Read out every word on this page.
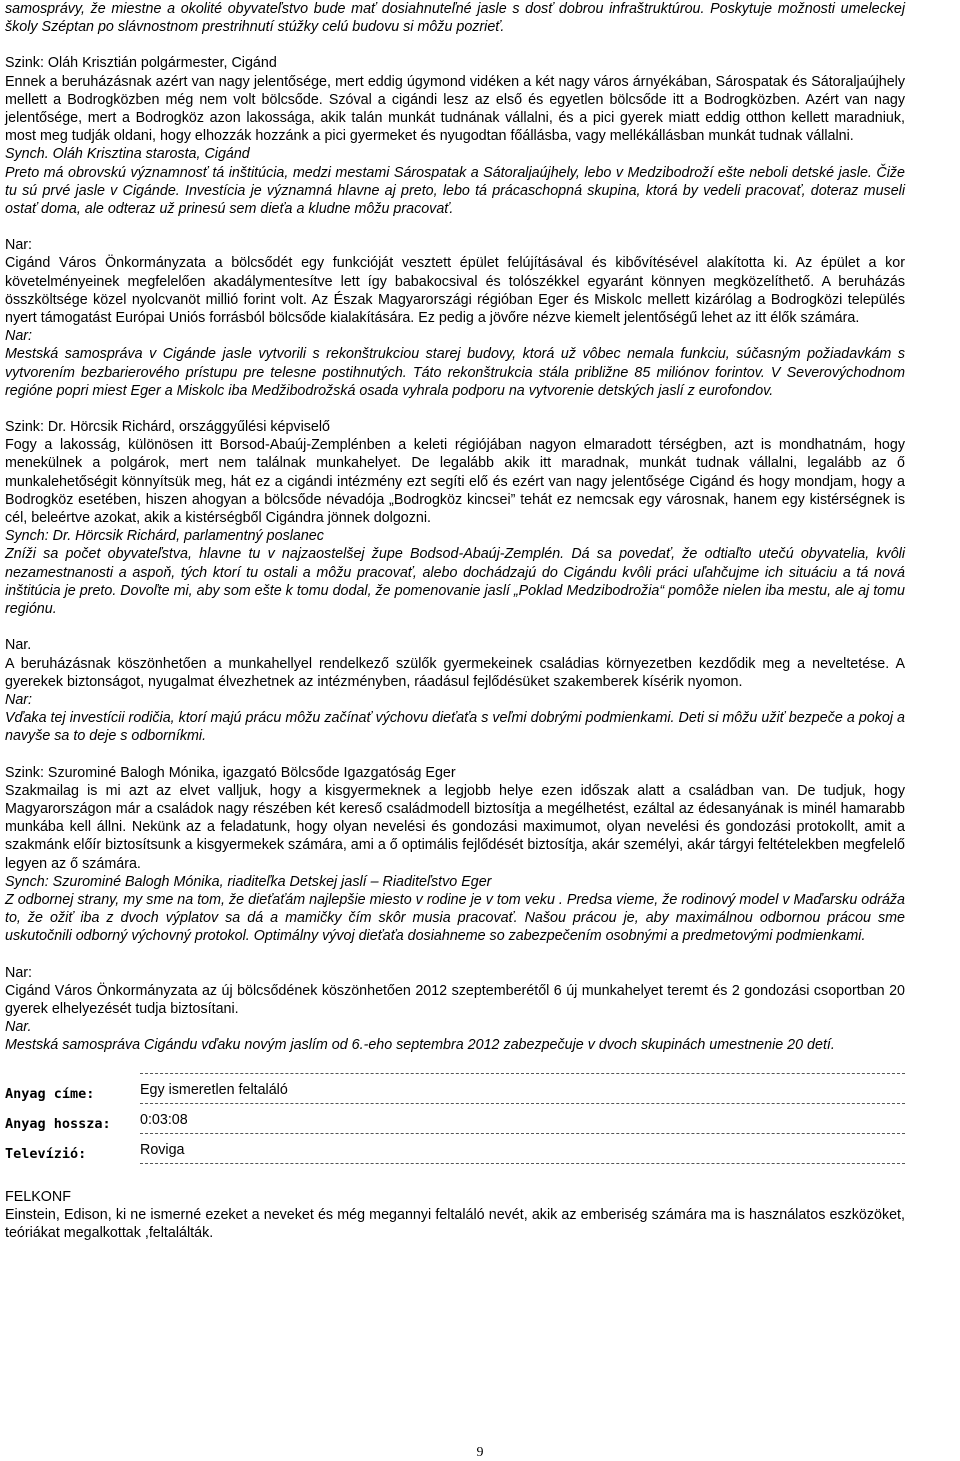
samosprávy, že miestne a okolité obyvateľstvo bude mať dosiahnuteľné jasle s dosť dobrou infraštruktúrou. Poskytuje možnosti umeleckej školy Széptan po slávnostnom prestrihnutí stúžky celú budovu si môžu pozrieť.

Szink: Oláh Krisztián polgármester, Cigánd

Ennek a beruházásnak azért van nagy jelentősége, mert eddig úgymond vidéken a két nagy város árnyékában, Sárospatak és Sátoraljaújhely mellett a Bodrogközben még nem volt bölcsőde. Szóval a cigándi lesz az első és egyetlen bölcsőde itt a Bodrogközben. Azért van nagy jelentősége, mert a Bodrogköz azon lakossága, akik talán munkát tudnának vállalni, és a pici gyerek miatt eddig otthon kellett maradniuk, most meg tudják oldani, hogy elhozzák hozzánk a pici gyermeket és nyugodtan főállásba, vagy mellékállásban munkát tudnak vállalni.

Synch. Oláh Krisztina starosta, Cigánd

Preto má obrovskú významnosť tá inštitúcia, medzi mestami Sárospatak a Sátoraljaújhely, lebo v Medzibodroží ešte neboli detské jasle. Čiže tu sú prvé jasle v Cigánde. Investícia je významná hlavne aj preto, lebo tá prácaschopná skupina, ktorá by vedeli pracovať, doteraz museli ostať doma, ale odteraz už prinesú sem dieťa a kludne môžu pracovať.

Nar:

Cigánd Város Önkormányzata a bölcsődét egy funkcióját vesztett épület felújításával és kibővítésével alakította ki. Az épület a kor követelményeinek megfelelően akadálymentesítve lett így babakocsival és tolószékkel egyaránt könnyen megközelíthető. A beruházás összköltsége közel nyolcvanöt millió forint volt. Az Észak Magyarországi régióban Eger és Miskolc mellett kizárólag a Bodrogközi település nyert támogatást Európai Uniós forrásból bölcsőde kialakítására. Ez pedig a jövőre nézve kiemelt jelentőségű lehet az itt élők számára.

Nar:

Mestská samospráva v Cigánde jasle vytvorili s rekonštrukciou starej budovy, ktorá už vôbec nemala funkciu, súčasným požiadavkám s vytvorením bezbarierového prístupu pre telesne postihnutých. Táto rekonštrukcia stála približne 85 miliónov forintov. V Severovýchodnom regióne popri miest Eger a Miskolc iba Medžibodrožská osada vyhrala podporu na vytvorenie detských jaslí z eurofondov.

Szink: Dr. Hörcsik Richárd, országgyűlési képviselő

Fogy a lakosság, különösen itt Borsod-Abaúj-Zemplénben a keleti régiójában nagyon elmaradott térségben, azt is mondhatnám, hogy menekülnek a polgárok, mert nem találnak munkahelyet. De legalább akik itt maradnak, munkát tudnak vállalni, legalább az ő munkalehetőségit könnyítsük meg, hát ez a cigándi intézmény ezt segíti elő és ezért van nagy jelentősége Cigánd és hogy mondjam, hogy a Bodrogköz esetében, hiszen ahogyan a bölcsőde névadója „Bodrogköz kincsei” tehát ez nemcsak egy városnak, hanem egy kistérségnek is cél, beleértve azokat, akik a kistérségből Cigándra jönnek dolgozni.

Synch: Dr. Hörcsik Richárd, parlamentný poslanec

Zníži sa počet obyvateľstva, hlavne tu v najzaostelšej župe Bodsod-Abaúj-Zemplén. Dá sa povedať, že odtiaľto utečú obyvatelia, kvôli nezamestnanosti a aspoň, tých ktorí tu ostali a môžu pracovať, alebo dochádzajú do Cigándu kvôli práci uľahčujme ich situáciu a tá nová inštitúcia je preto. Dovoľte mi, aby som ešte k tomu dodal, že pomenovanie jaslí „Poklad Medzibodrožia“ pomôže nielen iba mestu, ale aj tomu regiónu.

Nar.

A beruházásnak köszönhetően a munkahellyel rendelkező szülők gyermekeinek családias környezetben kezdődik meg a neveltetése. A gyerekek biztonságot, nyugalmat élvezhetnek az intézményben, ráadásul fejlődésüket szakemberek kísérik nyomon.

Nar:

Vďaka tej investícii rodičia, ktorí majú prácu môžu začínať výchovu dieťaťa s veľmi dobrými podmienkami. Deti si môžu užiť bezpeče a pokoj a navyše sa to deje s odborníkmi.

Szink: Szurominé Balogh Mónika, igazgató Bölcsőde Igazgatóság Eger

Szakmailag is mi azt az elvet valljuk, hogy a kisgyermeknek a legjobb helye ezen időszak alatt a családban van. De tudjuk, hogy Magyarországon már a családok nagy részében két kereső családmodell biztosítja a megélhetést, ezáltal az édesanyának is minél hamarabb munkába kell állni. Nekünk az a feladatunk, hogy olyan nevelési és gondozási maximumot, olyan nevelési és gondozási protokollt, amit a szakmánk előír biztosítsunk a kisgyermekek számára, ami a ő optimális fejlődését biztosítja, akár személyi, akár tárgyi feltételekben megfelelő legyen az ő számára.

Synch: Szurominé Balogh Mónika, riaditeľka Detskej jaslí – Riaditeľstvo Eger

Z odbornej strany, my sme na tom, že dieťaťám najlepšie miesto v rodine je v tom veku . Predsa vieme, že rodinový model v Maďarsku odráža to, že ožiť iba z dvoch výplatov sa dá a mamičky čím skôr musia pracovať. Našou prácou je, aby maximálnou odbornou prácou sme uskutočnili odborný výchovný protokol. Optimálny vývoj dieťaťa dosiahneme so zabezpečením osobnými a predmetovými podmienkami.

Nar:

Cigánd Város Önkormányzata az új bölcsődének köszönhetően 2012 szeptemberétől 6 új munkahelyet teremt és 2 gondozási csoportban 20 gyerek elhelyezését tudja biztosítani.

Nar.

Mestská samospráva Cigándu vďaku novým jaslím od 6.-eho septembra 2012 zabezpečuje v dvoch skupinách umestnenie 20 detí.

Anyag címe:	Egy ismeretlen feltaláló
Anyag hossza:	0:03:08
Televízió:	Roviga

FELKONF

Einstein, Edison, ki ne ismerné ezeket a neveket és még megannyi feltaláló nevét, akik az emberiség számára ma is használatos eszközöket, teóriákat megalkottak ,feltalálták.

9
